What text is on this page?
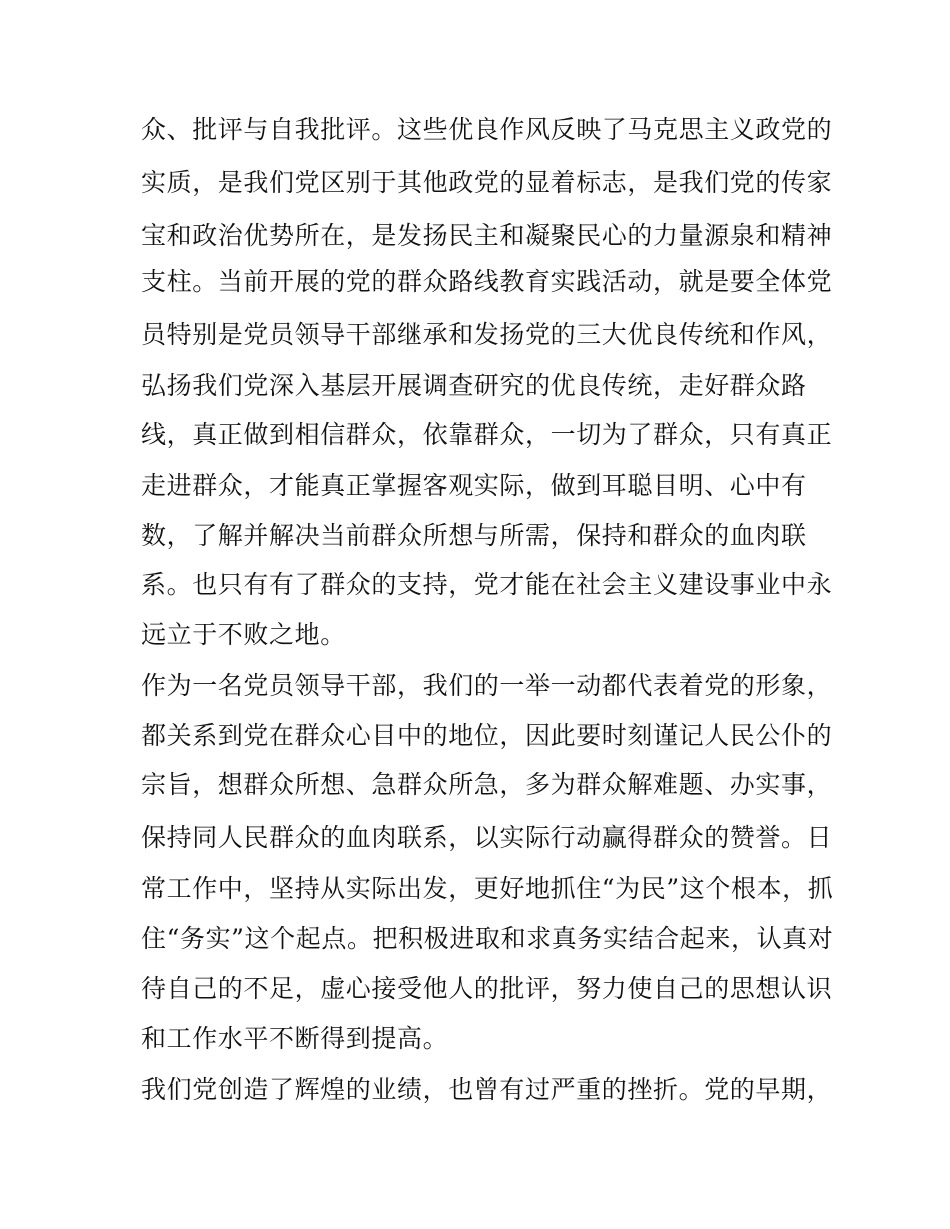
众、批评与自我批评。这些优良作风反映了马克思主义政党的
实质，是我们党区别于其他政党的显着标志，是我们党的传家
宝和政治优势所在，是发扬民主和凝聚民心的力量源泉和精神
支柱。当前开展的党的群众路线教育实践活动，就是要全体党
员特别是党员领导干部继承和发扬党的三大优良传统和作风，
弘扬我们党深入基层开展调查研究的优良传统，走好群众路
线，真正做到相信群众，依靠群众，一切为了群众，只有真正
走进群众，才能真正掌握客观实际，做到耳聪目明、心中有
数，了解并解决当前群众所想与所需，保持和群众的血肉联
系。也只有有了群众的支持，党才能在社会主义建设事业中永
远立于不败之地。
作为一名党员领导干部，我们的一举一动都代表着党的形象，
都关系到党在群众心目中的地位，因此要时刻谨记人民公仆的
宗旨，想群众所想、急群众所急，多为群众解难题、办实事，
保持同人民群众的血肉联系，以实际行动赢得群众的赞誉。日
常工作中，坚持从实际出发，更好地抓住“为民”这个根本，抓
住“务实”这个起点。把积极进取和求真务实结合起来，认真对
待自己的不足，虚心接受他人的批评，努力使自己的思想认识
和工作水平不断得到提高。
我们党创造了辉煌的业绩，也曾有过严重的挫折。党的早期，
